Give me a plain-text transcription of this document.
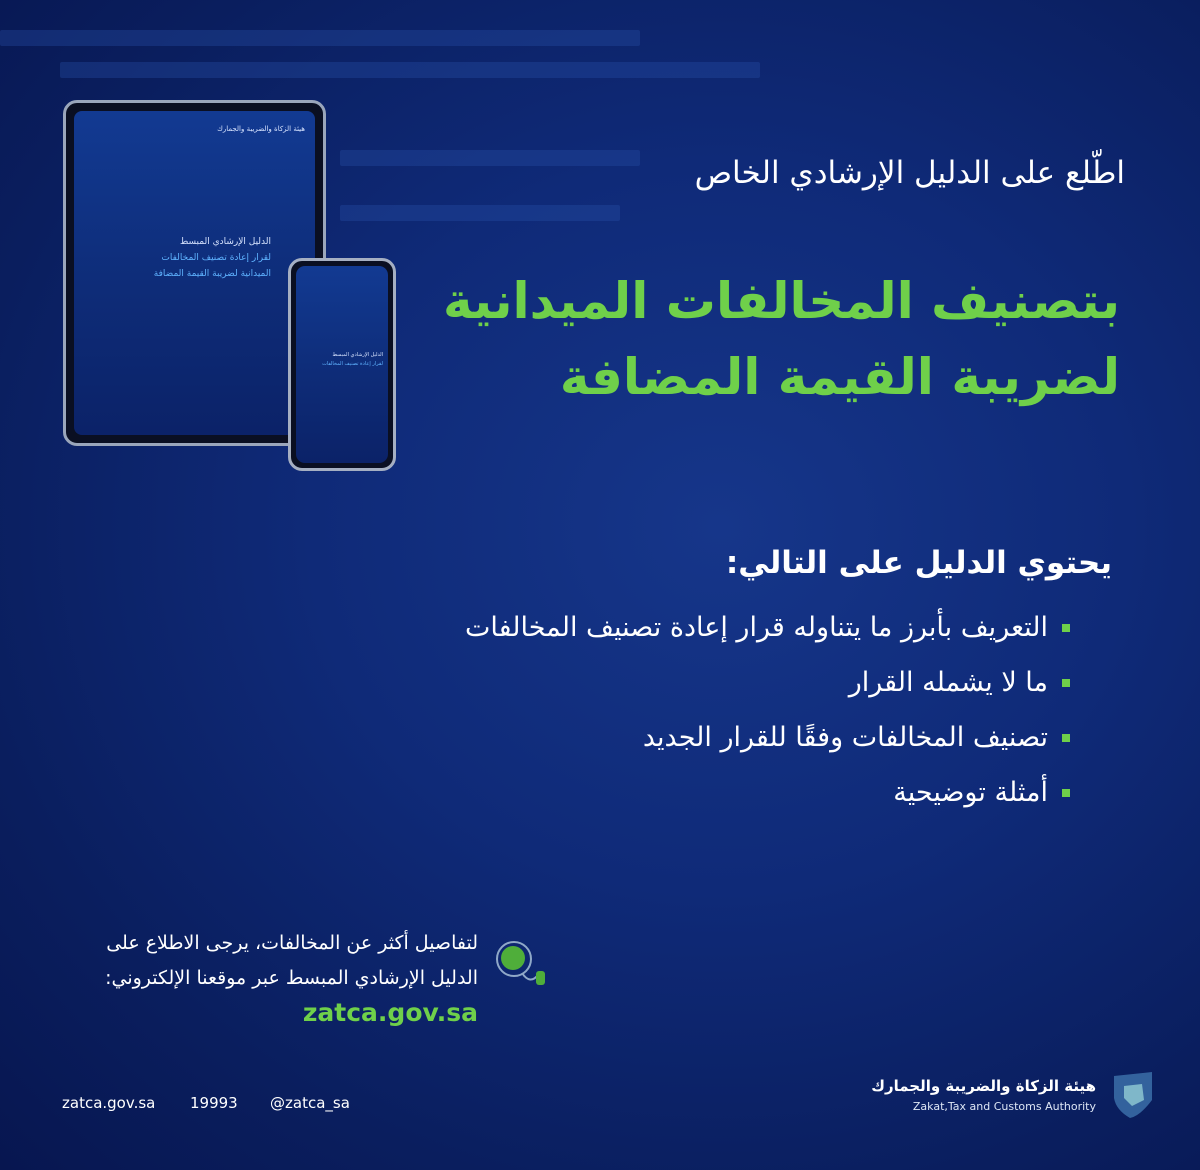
هيئة الزكاة والضريبة والجمارك
الدليل الإرشادي المبسط
لقرار إعادة تصنيف المخالفات
الميدانية لضريبة القيمة المضافة
الدليل الإرشادي المبسط
لقرار إعادة تصنيف المخالفات
اطّلع على الدليل الإرشادي الخاص
بتصنيف المخالفات الميدانية
لضريبة القيمة المضافة
يحتوي الدليل على التالي:
التعريف بأبرز ما يتناوله قرار إعادة تصنيف المخالفات
ما لا يشمله القرار
تصنيف المخالفات وفقًا للقرار الجديد
أمثلة توضيحية
لتفاصيل أكثر عن المخالفات، يرجى الاطلاع على
الدليل الإرشادي المبسط عبر موقعنا الإلكتروني:
zatca.gov.sa
zatca.gov.sa 19993 @zatca_sa
هيئة الزكاة والضريبة والجمارك
Zakat,Tax and Customs Authority
